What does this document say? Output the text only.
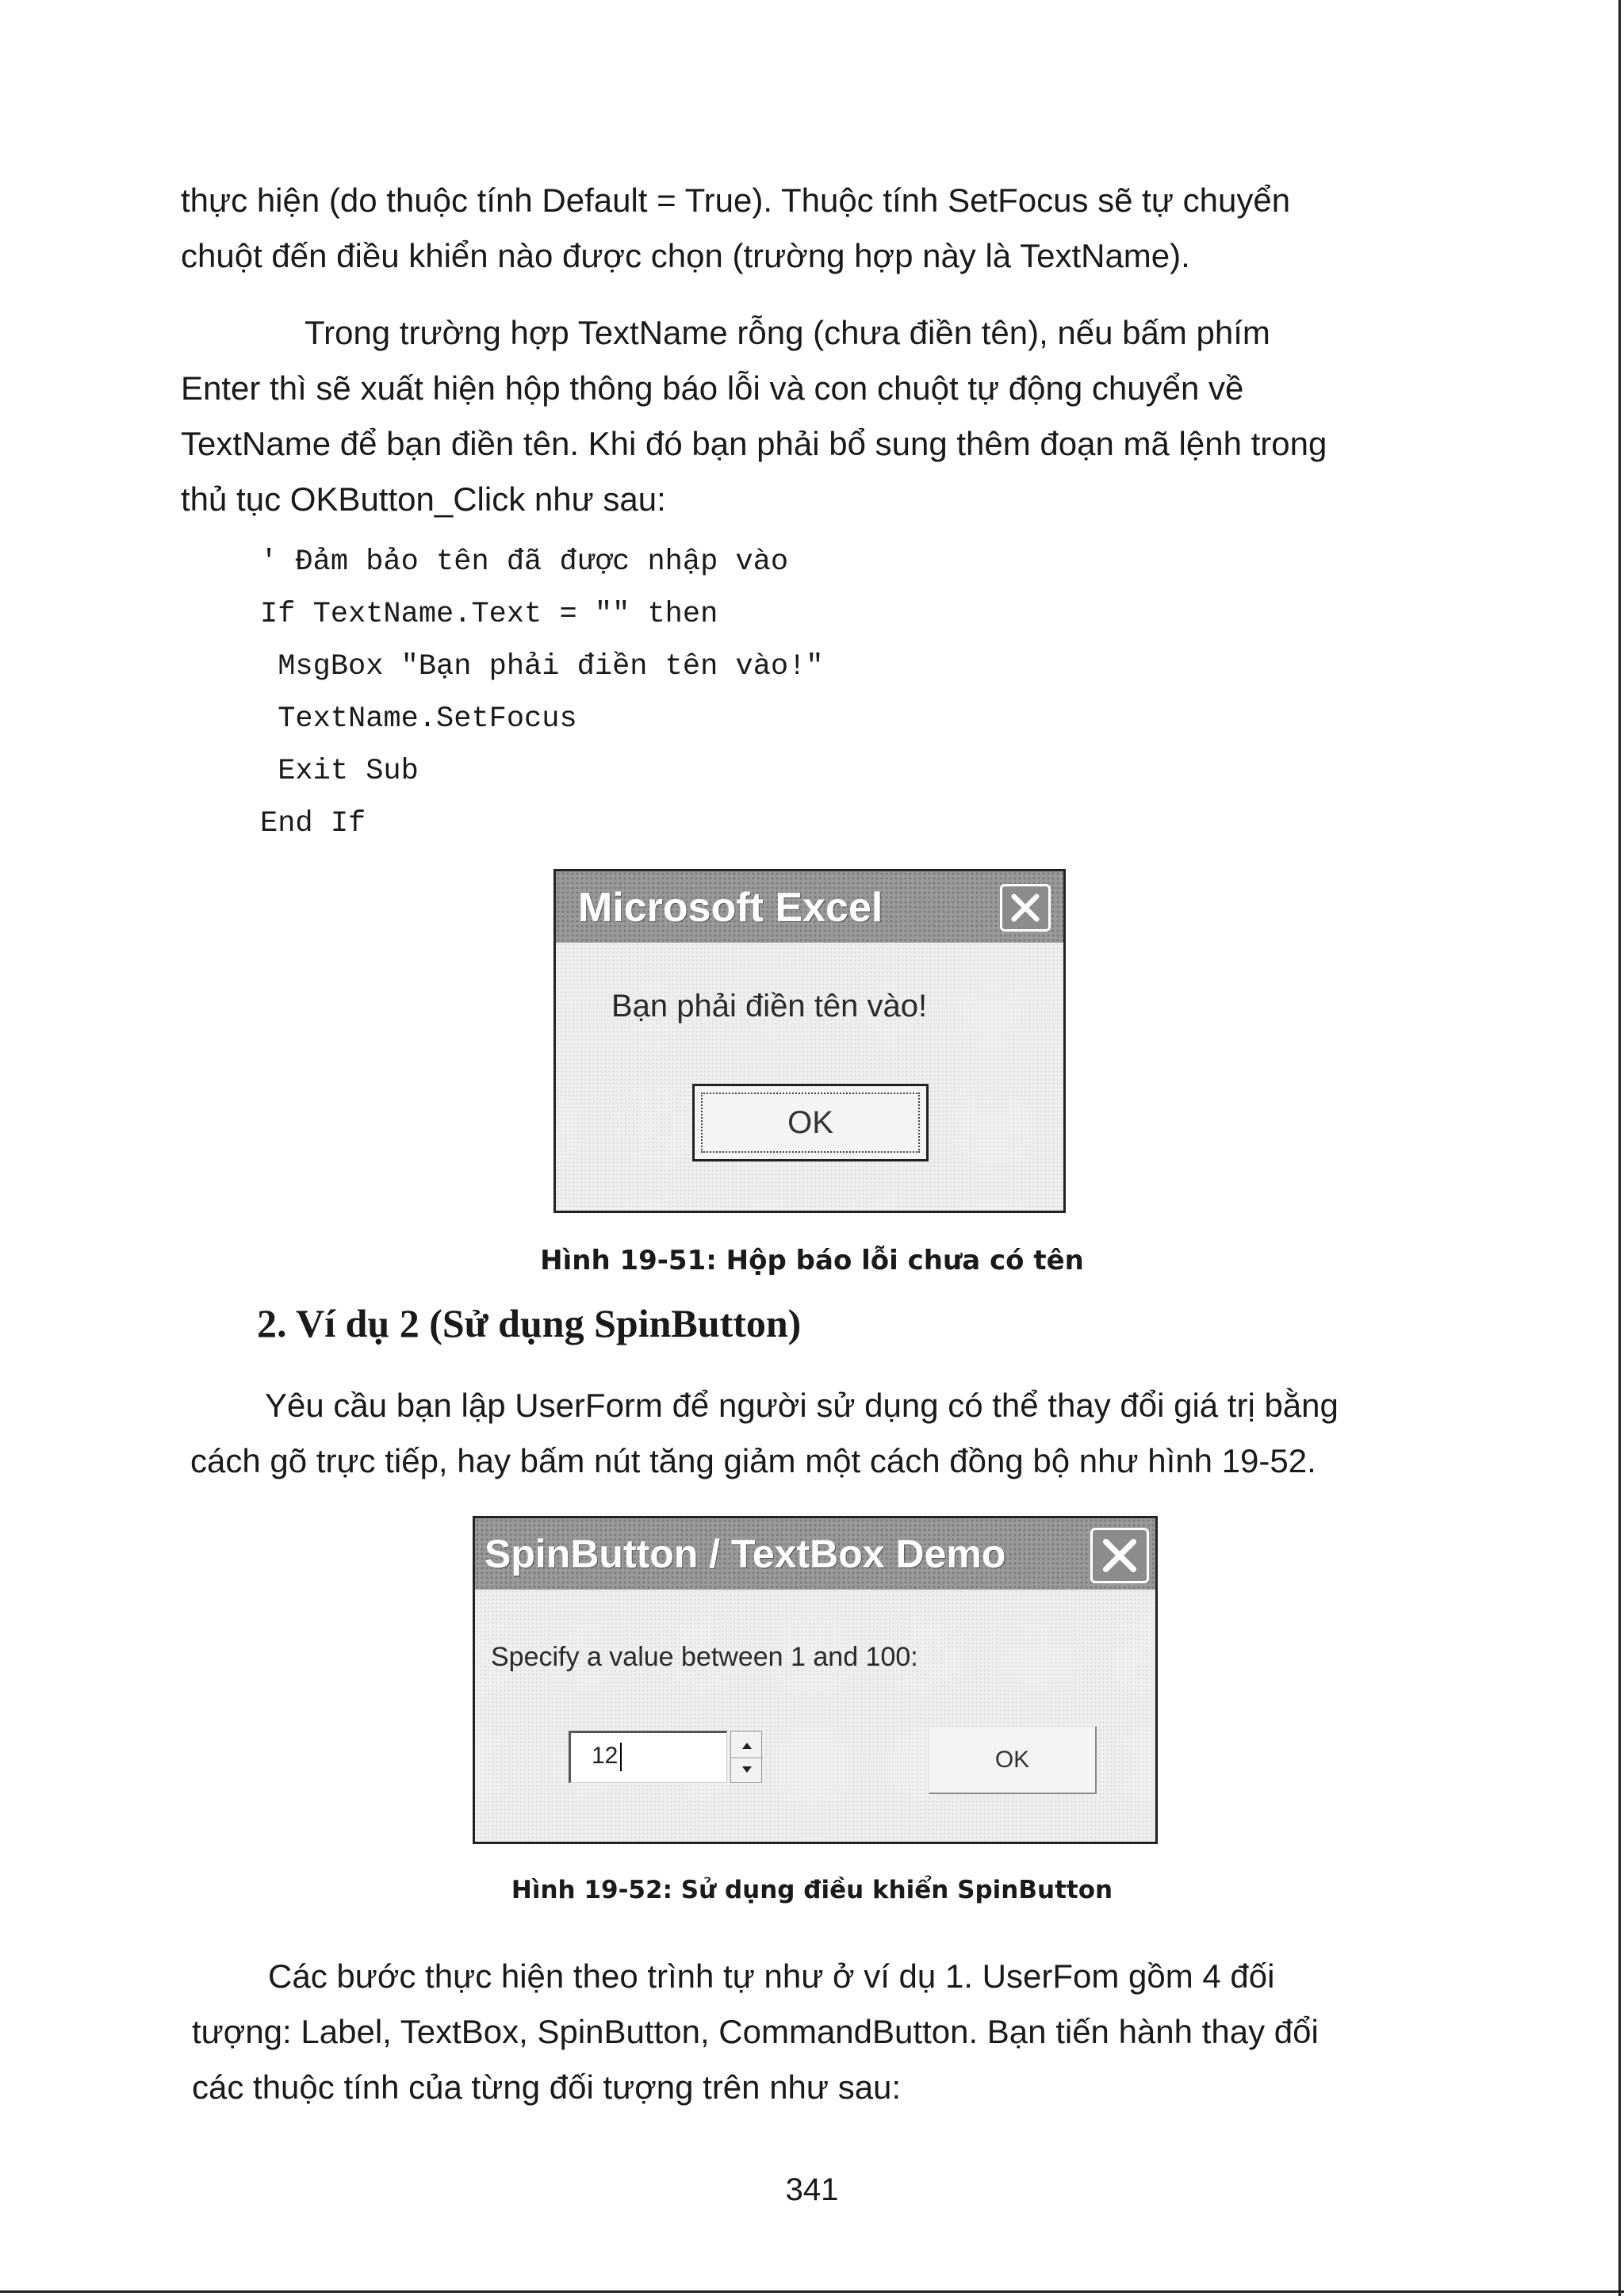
thực hiện (do thuộc tính Default = True). Thuộc tính SetFocus sẽ tự chuyển

chuột đến điều khiển nào được chọn (trường hợp này là TextName).

Trong trường hợp TextName rỗng (chưa điền tên), nếu bấm phím

Enter thì sẽ xuất hiện hộp thông báo lỗi và con chuột tự động chuyển về

TextName để bạn điền tên. Khi đó bạn phải bổ sung thêm đoạn mã lệnh trong

thủ tục OKButton_Click như sau:

' Đảm bảo tên đã được nhập vào
If TextName.Text = "" then
MsgBox "Bạn phải điền tên vào!"
TextName.SetFocus
Exit Sub
End If
Microsoft Excel
Bạn phải điền tên vào!
OK
Hình 19-51: Hộp báo lỗi chưa có tên
2. Ví dụ 2 (Sử dụng SpinButton)

Yêu cầu bạn lập UserForm để người sử dụng có thể thay đổi giá trị bằng

cách gõ trực tiếp, hay bấm nút tăng giảm một cách đồng bộ như hình 19-52.

SpinButton / TextBox Demo
Specify a value between 1 and 100:
12	OK
Hình 19-52: Sử dụng điều khiển SpinButton

Các bước thực hiện theo trình tự như ở ví dụ 1. UserFom gồm 4 đối

tượng: Label, TextBox, SpinButton, CommandButton. Bạn tiến hành thay đổi

các thuộc tính của từng đối tượng trên như sau:

341
